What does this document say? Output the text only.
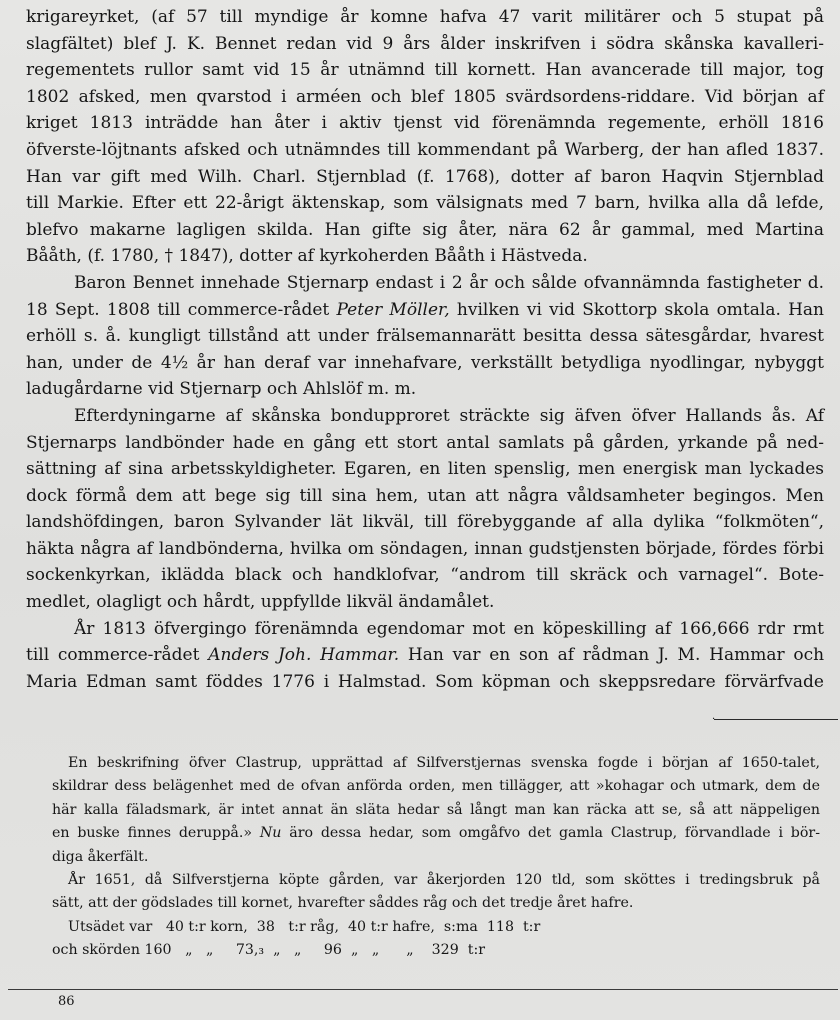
krigareyrket, (af 57 till myndige år komne hafva 47 varit militärer och 5 stupat på
slagfältet) blef J. K. Bennet redan vid 9 års ålder inskrifven i södra skånska kavalleri-
regementets rullor samt vid 15 år utnämnd till kornett. Han avancerade till major, tog
1802 afsked, men qvarstod i arméen och blef 1805 svärdsordens-riddare. Vid början af
kriget 1813 inträdde han åter i aktiv tjenst vid förenämnda regemente, erhöll 1816
öfverste-löjtnants afsked och utnämndes till kommendant på Warberg, der han afled 1837.
Han var gift med Wilh. Charl. Stjernblad (f. 1768), dotter af baron Haqvin Stjernblad
till Markie. Efter ett 22-årigt äktenskap, som välsignats med 7 barn, hvilka alla då lefde,
blefvo makarne lagligen skilda. Han gifte sig åter, nära 62 år gammal, med Martina
Bååth, (f. 1780, † 1847), dotter af kyrkoherden Bååth i Hästveda.
Baron Bennet innehade Stjernarp endast i 2 år och sålde ofvannämnda fastigheter d.
18 Sept. 1808 till commerce-rådet Peter Möller, hvilken vi vid Skottorp skola omtala. Han
erhöll s. å. kungligt tillstånd att under frälsemannarätt besitta dessa sätesgårdar, hvarest
han, under de 4½ år han deraf var innehafvare, verkställt betydliga nyodlingar, nybyggt
ladugårdarne vid Stjernarp och Ahlslöf m. m.
Efterdyningarne af skånska bondupproret sträckte sig äfven öfver Hallands ås. Af
Stjernarps landbönder hade en gång ett stort antal samlats på gården, yrkande på ned-
sättning af sina arbetsskyldigheter. Egaren, en liten spenslig, men energisk man lyckades
dock förmå dem att bege sig till sina hem, utan att några våldsamheter begingos. Men
landshöfdingen, baron Sylvander lät likväl, till förebyggande af alla dylika “folkmöten“,
häkta några af landbönderna, hvilka om söndagen, innan gudstjensten började, fördes förbi
sockenkyrkan, iklädda black och handklofvar, “androm till skräck och varnagel“. Bote-
medlet, olagligt och hårdt, uppfyllde likväl ändamålet.
År 1813 öfvergingo förenämnda egendomar mot en köpeskilling af 166,666 rdr rmt
till commerce-rådet Anders Joh. Hammar. Han var en son af rådman J. M. Hammar och
Maria Edman samt föddes 1776 i Halmstad. Som köpman och skeppsredare förvärfvade
·
En beskrifning öfver Clastrup, upprättad af Silfverstjernas svenska fogde i början af 1650-talet,
skildrar dess belägenhet med de ofvan anförda orden, men tillägger, att »kohagar och utmark, dem de
här kalla fäladsmark, är intet annat än släta hedar så långt man kan räcka att se, så att näppeligen
en buske finnes deruppå.» Nu äro dessa hedar, som omgåfvo det gamla Clastrup, förvandlade i bör-
diga åkerfält.
År 1651, då Silfverstjerna köpte gården, var åkerjorden 120 tld, som sköttes i tredingsbruk på
sätt, att der gödslades till kornet, hvarefter såddes råg och det tredje året hafre.
Utsädet var   40 t:r korn,  38   t:r råg,  40 t:r hafre,  s:ma  118  t:r
och skörden 160   „   „     73,₃  „   „     96  „   „      „    329  t:r
86
